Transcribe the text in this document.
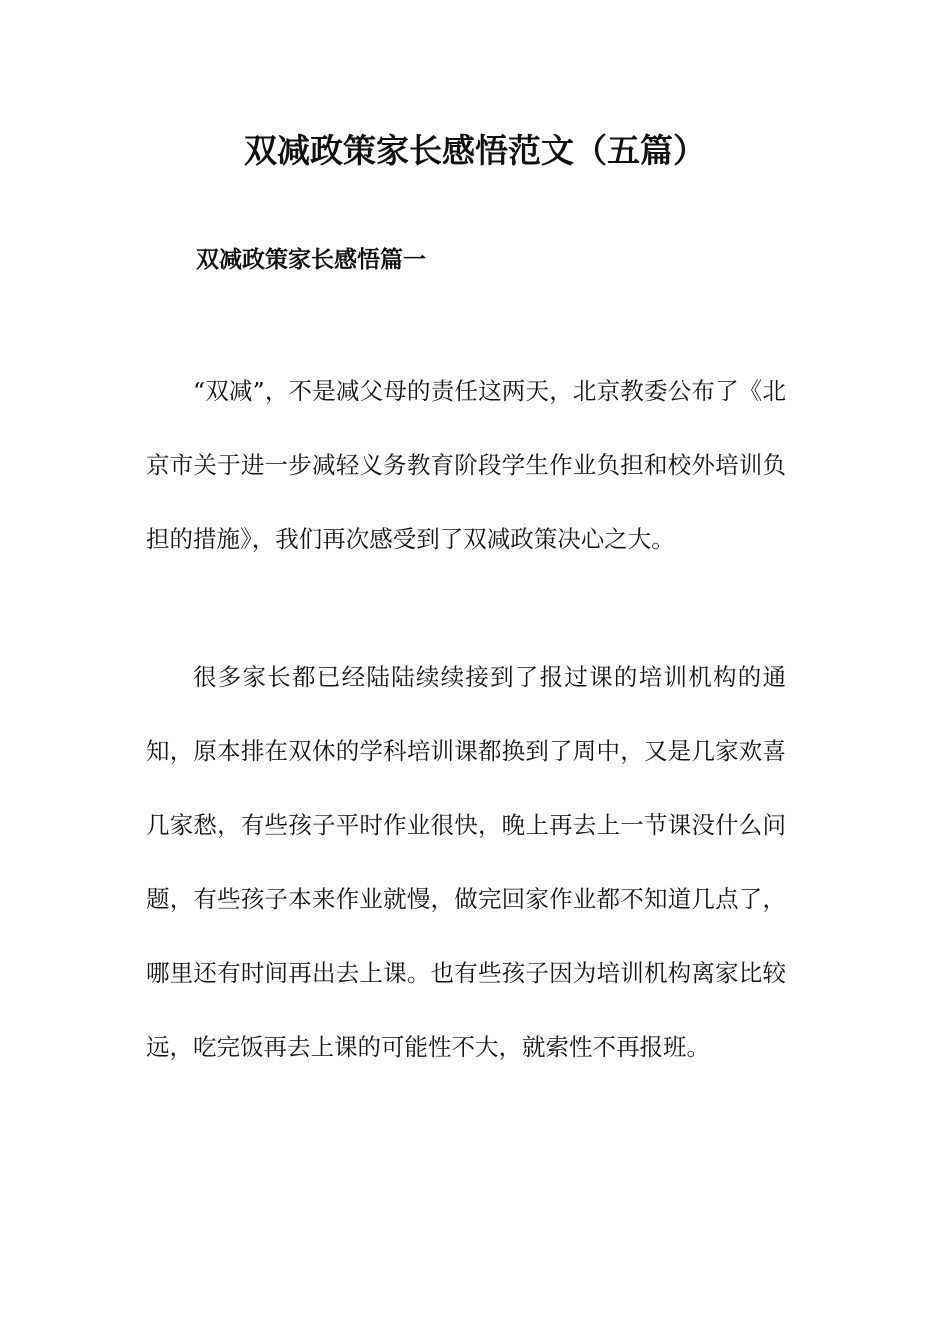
双减政策家长感悟范文（五篇）
双减政策家长感悟篇一

“双减”，不是减父母的责任这两天，北京教委公布了《北京市关于进一步减轻义务教育阶段学生作业负担和校外培训负担的措施》，我们再次感受到了双减政策决心之大。

很多家长都已经陆陆续续接到了报过课的培训机构的通知，原本排在双休的学科培训课都换到了周中，又是几家欢喜几家愁，有些孩子平时作业很快，晚上再去上一节课没什么问题，有些孩子本来作业就慢，做完回家作业都不知道几点了，哪里还有时间再出去上课。也有些孩子因为培训机构离家比较远，吃完饭再去上课的可能性不大，就索性不再报班。
